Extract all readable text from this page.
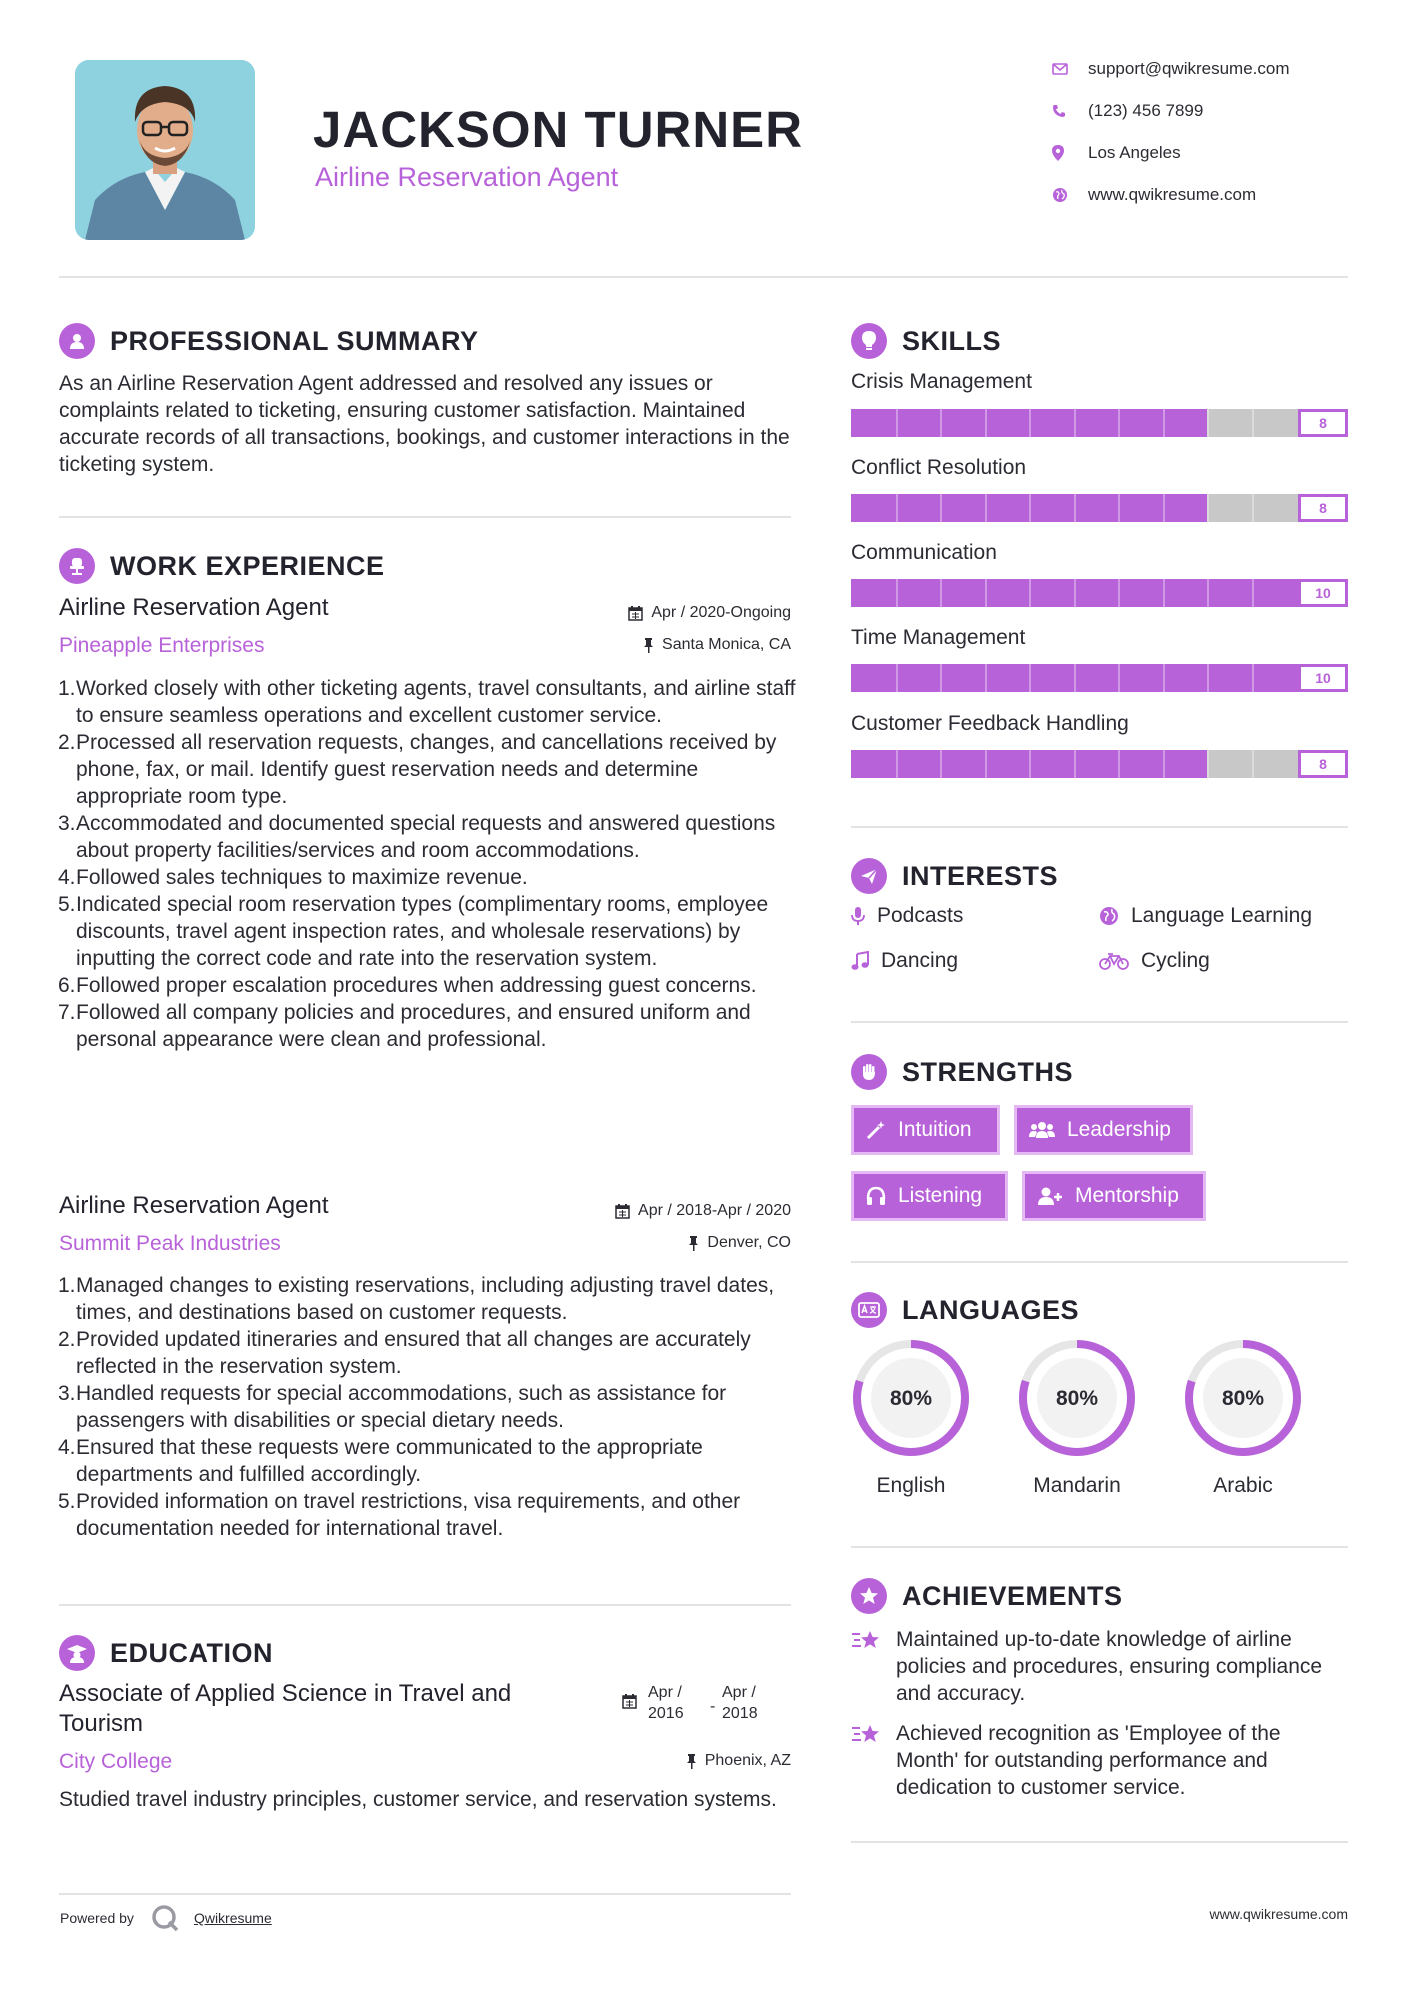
JACKSON TURNER
Airline Reservation Agent
support@qwikresume.com
(123) 456 7899
Los Angeles
www.qwikresume.com
PROFESSIONAL SUMMARY
As an Airline Reservation Agent addressed and resolved any issues or complaints related to ticketing, ensuring customer satisfaction. Maintained accurate records of all transactions, bookings, and customer interactions in the ticketing system.
WORK EXPERIENCE
Airline Reservation Agent	Apr / 2020-Ongoing
Pineapple Enterprises	Santa Monica, CA
1. Worked closely with other ticketing agents, travel consultants, and airline staff to ensure seamless operations and excellent customer service.
2. Processed all reservation requests, changes, and cancellations received by phone, fax, or mail. Identify guest reservation needs and determine appropriate room type.
3. Accommodated and documented special requests and answered questions about property facilities/services and room accommodations.
4. Followed sales techniques to maximize revenue.
5. Indicated special room reservation types (complimentary rooms, employee discounts, travel agent inspection rates, and wholesale reservations) by inputting the correct code and rate into the reservation system.
6. Followed proper escalation procedures when addressing guest concerns.
7. Followed all company policies and procedures, and ensured uniform and personal appearance were clean and professional.
Airline Reservation Agent	Apr / 2018-Apr / 2020
Summit Peak Industries	Denver, CO
1. Managed changes to existing reservations, including adjusting travel dates, times, and destinations based on customer requests.
2. Provided updated itineraries and ensured that all changes are accurately reflected in the reservation system.
3. Handled requests for special accommodations, such as assistance for passengers with disabilities or special dietary needs.
4. Ensured that these requests were communicated to the appropriate departments and fulfilled accordingly.
5. Provided information on travel restrictions, visa requirements, and other documentation needed for international travel.
EDUCATION
Associate of Applied Science in Travel and
Tourism
Apr /
2016 -
Apr /
2018
City College	Phoenix, AZ
Studied travel industry principles, customer service, and reservation systems.
SKILLS
Crisis Management
8
Conflict Resolution
8
Communication
10
Time Management
10
Customer Feedback Handling
8
INTERESTS
Podcasts	Language Learning
Dancing	Cycling
STRENGTHS
Intuition	Leadership
Listening	Mentorship
LANGUAGES
80%
English
80%
Mandarin
80%
Arabic
ACHIEVEMENTS
Maintained up-to-date knowledge of airline policies and procedures, ensuring compliance and accuracy.
Achieved recognition as 'Employee of the Month' for outstanding performance and dedication to customer service.
Powered by	Qwikresume	www.qwikresume.com
